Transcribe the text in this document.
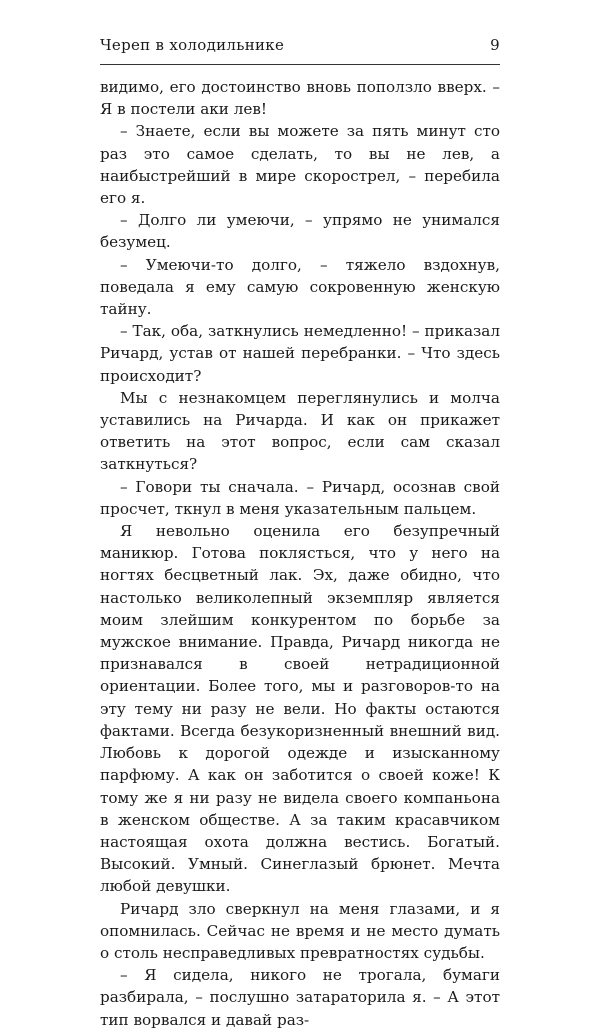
Череп в холодильнике	9

видимо, его достоинство вновь поползло вверх. – Я в постели аки лев!

– Знаете, если вы можете за пять минут сто раз это самое сделать, то вы не лев, а наибыстрейший в мире скорострел, – перебила его я.

– Долго ли умеючи, – упрямо не унимался безумец.

– Умеючи-то долго, – тяжело вздохнув, поведала я ему самую сокровенную женскую тайну.

– Так, оба, заткнулись немедленно! – приказал Ричард, устав от нашей перебранки. – Что здесь происходит?

Мы с незнакомцем переглянулись и молча уставились на Ричарда. И как он прикажет ответить на этот вопрос, если сам сказал заткнуться?

– Говори ты сначала. – Ричард, осознав свой просчет, ткнул в меня указательным пальцем.

Я невольно оценила его безупречный маникюр. Готова поклясться, что у него на ногтях бесцветный лак. Эх, даже обидно, что настолько великолепный экземпляр является моим злейшим конкурентом по борьбе за мужское внимание. Правда, Ричард никогда не признавался в своей нетрадиционной ориентации. Более того, мы и разговоров-то на эту тему ни разу не вели. Но факты остаются фактами. Всегда безукоризненный внешний вид. Любовь к дорогой одежде и изысканному парфюму. А как он заботится о своей коже! К тому же я ни разу не видела своего компаньона в женском обществе. А за таким красавчиком настоящая охота должна вестись. Богатый. Высокий. Умный. Синеглазый брюнет. Мечта любой девушки.

Ричард зло сверкнул на меня глазами, и я опомнилась. Сейчас не время и не место думать о столь несправедливых превратностях судьбы.

– Я сидела, никого не трогала, бумаги разбирала, – послушно затараторила я. – А этот тип ворвался и давай раз-
